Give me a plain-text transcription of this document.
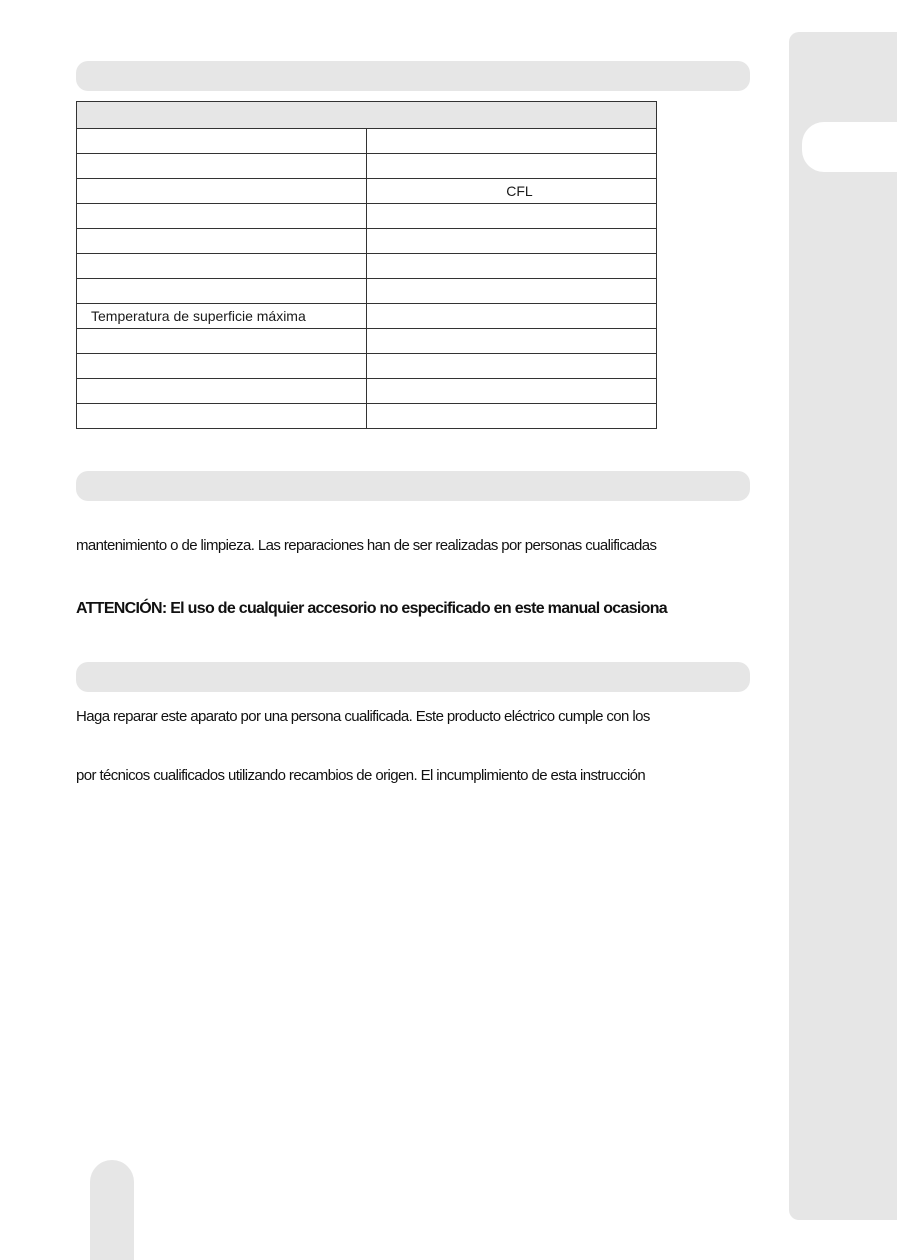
	CFL

Temperatura de superficie máxima	

mantenimiento o de limpieza. Las reparaciones han de ser realizadas por personas cualificadas
ATTENCIÓN: El uso de cualquier accesorio no especificado en este manual ocasiona
Haga reparar este aparato por una persona cualificada. Este producto eléctrico cumple con los
por técnicos cualificados utilizando recambios de origen. El incumplimiento de esta instrucción
